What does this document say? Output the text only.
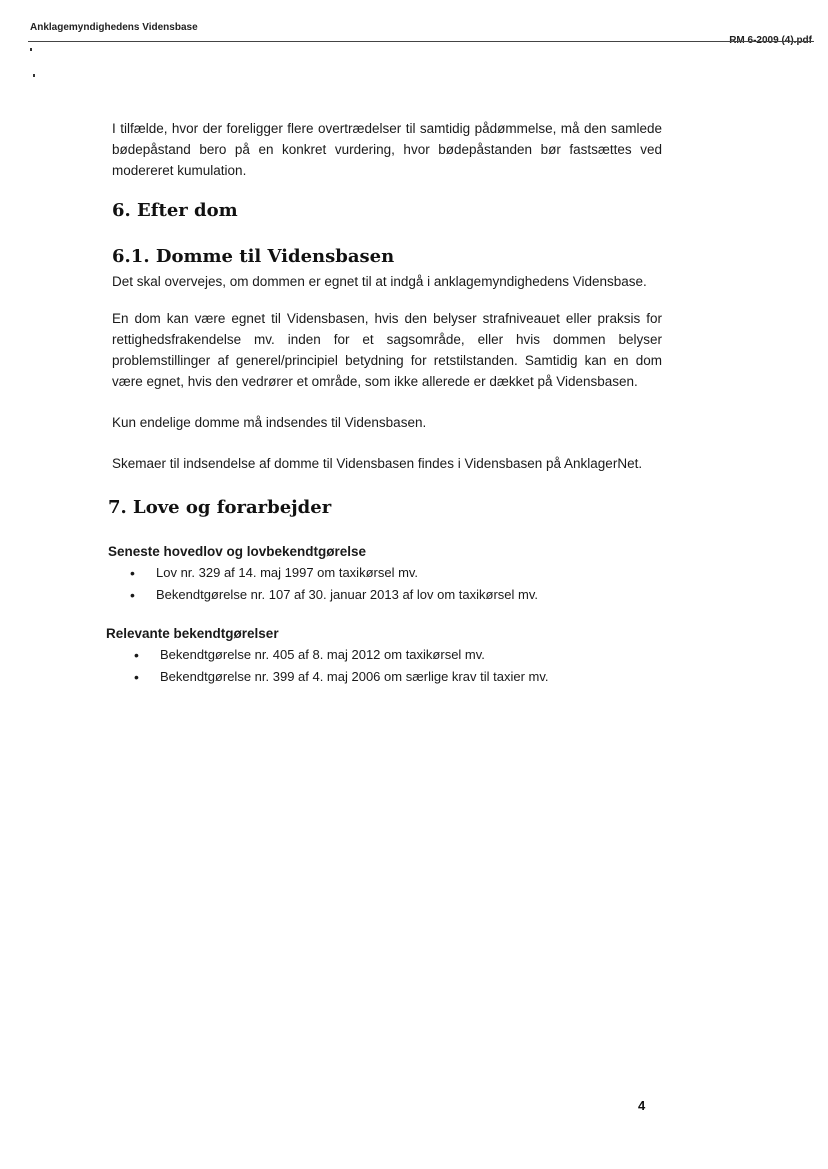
Anklagemyndighedens Vidensbase

I tilfælde, hvor der foreligger flere overtrædelser til samtidig pådømmelse, må den samlede bødepåstand bero på en konkret vurdering, hvor bødepåstanden bør fastsættes ved modereret kumulation.

6. Efter dom
6.1. Domme til Vidensbasen

Det skal overvejes, om dommen er egnet til at indgå i anklagemyndighedens Vidensbase.

En dom kan være egnet til Vidensbasen, hvis den belyser strafniveauet eller praksis for rettighedsfrakendelse mv. inden for et sagsområde, eller hvis dommen belyser problemstillinger af generel/principiel betydning for retstilstanden. Samtidig kan en dom være egnet, hvis den vedrører et område, som ikke allerede er dækket på Vidensbasen.

Kun endelige domme må indsendes til Vidensbasen.

Skemaer til indsendelse af domme til Vidensbasen findes i Vidensbasen på AnklagerNet.

7. Love og forarbejder
Seneste hovedlov og lovbekendtgørelse
• Lov nr. 329 af 14. maj 1997 om taxikørsel mv.
• Bekendtgørelse nr. 107 af 30. januar 2013 af lov om taxikørsel mv.
Relevante bekendtgørelser
• Bekendtgørelse nr. 405 af 8. maj 2012 om taxikørsel mv.
• Bekendtgørelse nr. 399 af 4. maj 2006 om særlige krav til taxier mv.
4
